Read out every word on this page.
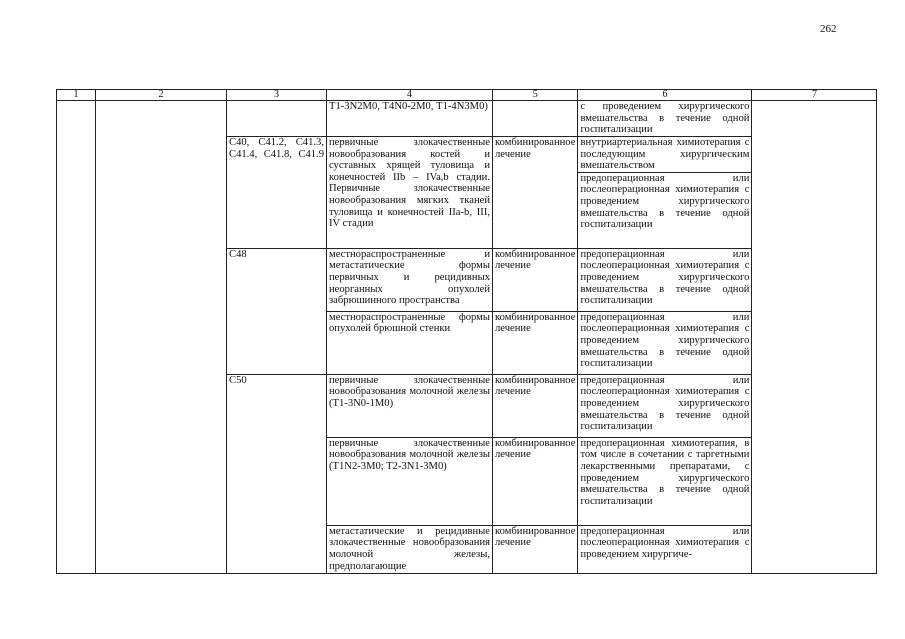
262
1	2	3	4	5	6	7
			Т1-3N2M0, Т4N0-2M0, Т1-4N3M0)		с проведением хирургического вмешательства в течение одной госпитализации	
		C40, C41.2, C41.3, C41.4, C41.8, C41.9	первичные злокачественные новообразования костей и суставных хрящей туловища и конечностей IIb – IVa,b стадии. Первичные злокачественные новообразования мягких тканей туловища и конечностей IIa-b, III, IV стадии	комбинированное лечение	внутриартериальная химиотерапия с последующим хирургическим вмешательством	
					предоперационная или послеоперационная химиотерапия с проведением хирургического вмешательства в течение одной госпитализации	
		C48	местнораспространенные и метастатические формы первичных и рецидивных неорганных опухолей забрюшинного пространства	комбинированное лечение	предоперационная или послеоперационная химиотерапия с проведением хирургического вмешательства в течение одной госпитализации	
			местнораспространенные формы опухолей брюшной стенки	комбинированное лечение	предоперационная или послеоперационная химиотерапия с проведением хирургического вмешательства в течение одной госпитализации	
		C50	первичные злокачественные новообразования молочной железы (Т1-3N0-1M0)	комбинированное лечение	предоперационная или послеоперационная химиотерапия с проведением хирургического вмешательства в течение одной госпитализации	
			первичные злокачественные новообразования молочной железы (T1N2-3M0; T2-3N1-3M0)	комбинированное лечение	предоперационная химиотерапия, в том числе в сочетании с таргетными лекарственными препаратами, с проведением хирургического вмешательства в течение одной госпитализации	
			метастатические и рецидивные злокачественные новообразования молочной железы, предполагающие	комбинированное лечение	предоперационная или послеоперационная химиотерапия с проведением хирургиче-	
